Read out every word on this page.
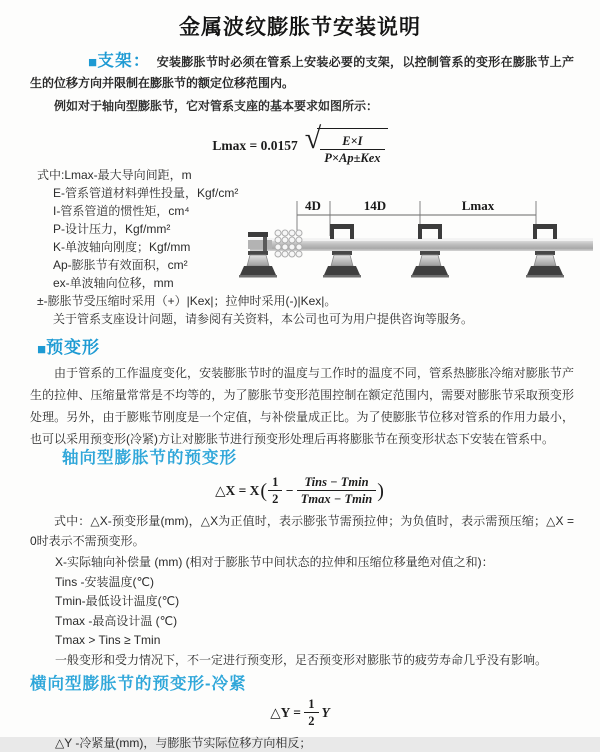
金属波纹膨胀节安装说明

■支架： 安装膨胀节时必须在管系上安装必要的支架，以控制管系的变形在膨胀节上产生的位移方向并限制在膨胀节的额定位移范围内。

例如对于轴向型膨胀节，它对管系支座的基本要求如图所示：

Lmax = 0.0157 √ $\frac{E\times I}{\text{P×Ap±Kex}}$
式中:Lmax-最大导向间距，m
E-管系管道材料弹性投量，Kgf/cm²
I-管系管道的惯性矩，cm⁴
P-设计压力，Kgf/mm²
K-单波轴向刚度；Kgf/mm
Ap-膨胀节有效面积，cm²
ex-单波轴向位移，mm
±-膨胀节受压缩时采用（+）|Kex|；拉伸时采用(-)|Kex|。
关于管系支座设计问题，请参阅有关资料，本公司也可为用户提供咨询等服务。
4D	14D	Lmax
■预变形

由于管系的工作温度变化，安装膨胀节时的温度与工作时的温度不同，管系热膨胀冷缩对膨胀节产生的拉伸、压缩量常常是不均等的，为了膨胀节变形范围控制在额定范围内，需要对膨胀节采取预变形处理。另外，由于膨账节刚度是一个定值，与补偿量成正比。为了使膨胀节位移对管系的作用力最小，也可以采用预变形(冷紧)方让对膨胀节进行预变形处理后再将膨胀节在预变形状态下安装在管系中。

轴向型膨胀节的预变形
△X = $X( \frac{1}{2} - \frac{\text{Tins − Tmin}}{Tmax - Tmin}$ )

式中：△X-预变形量(mm)，△X为正值时，表示膨张节需预拉伸；为负值时，表示需预压缩；△X = 0时表示不需预变形。

X-实际轴向补偿量 (mm) (相对于膨胀节中间状态的拉伸和压缩位移量绝对值之和)：
Tins -安装温度(℃)
Tmin-最低设计温度(℃)
Tmax -最高设计温 (℃)
Tmax > Tins ≥ Tmin
一般变形和受力情况下，不一定进行预变形，足否预变形对膨胀节的疲劳寿命几乎没有影响。
横向型膨胀节的预变形-冷紧
△Y = $\frac{1}{2}$ Y

△Y -冷紧量(mm)，与膨胀节实际位移方向相反；
